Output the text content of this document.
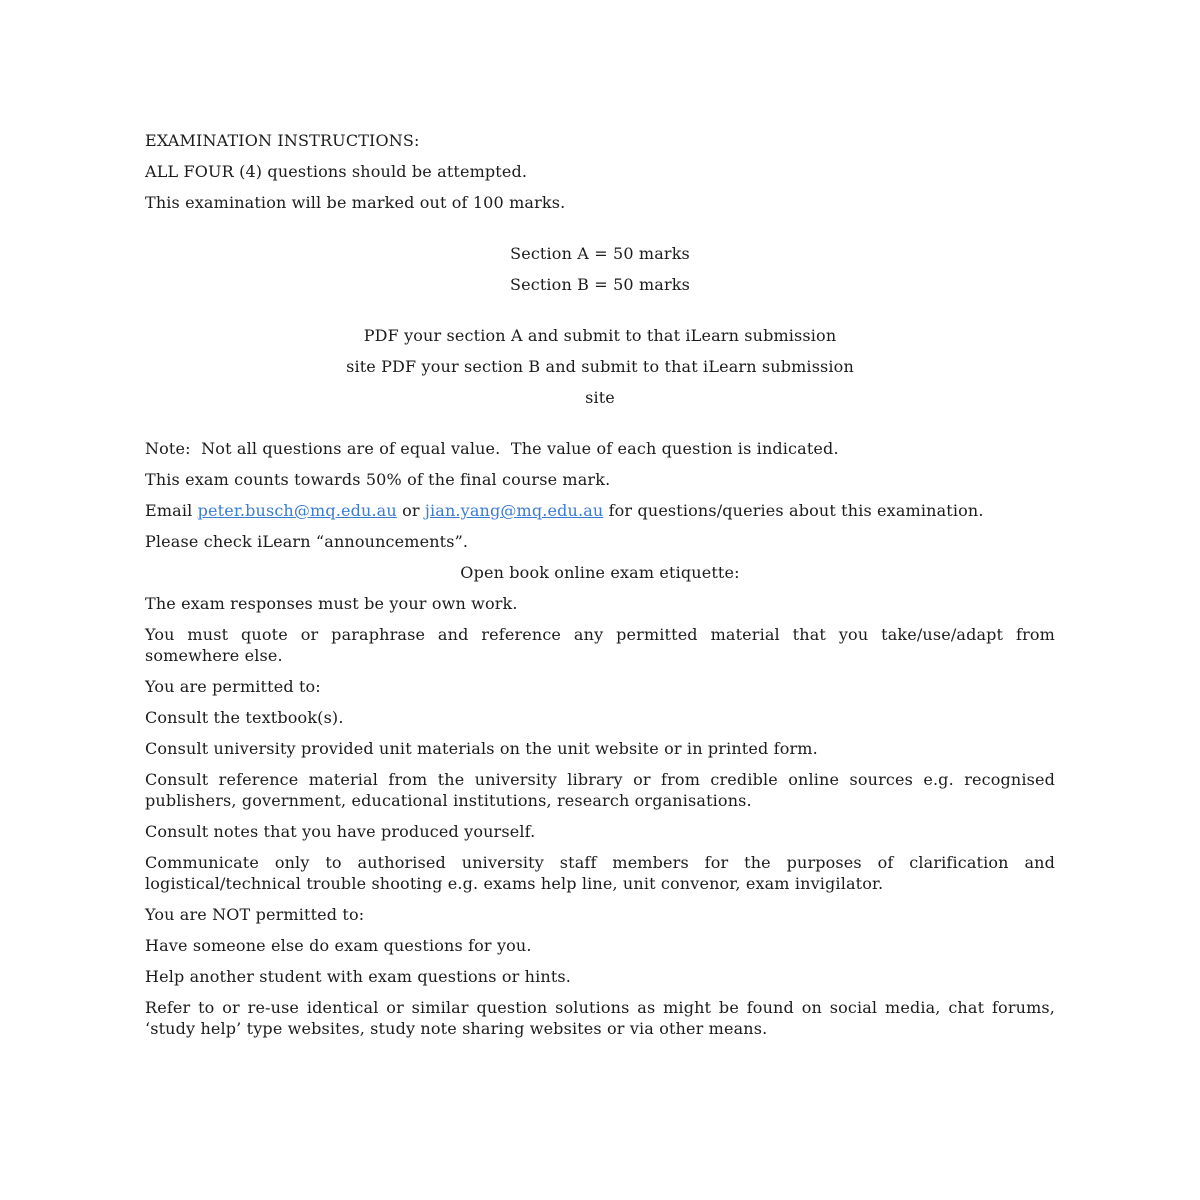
EXAMINATION INSTRUCTIONS:

ALL FOUR (4) questions should be attempted.

This examination will be marked out of 100 marks.

Section A = 50 marks

Section B = 50 marks

PDF your section A and submit to that iLearn submission

site PDF your section B and submit to that iLearn submission

site

Note:  Not all questions are of equal value.  The value of each question is indicated.

This exam counts towards 50% of the final course mark.

Email peter.busch@mq.edu.au or jian.yang@mq.edu.au for questions/queries about this examination.

Please check iLearn “announcements”.

Open book online exam etiquette:

The exam responses must be your own work.

You must quote or paraphrase and reference any permitted material that you take/use/adapt from somewhere else.

You are permitted to:

Consult the textbook(s).

Consult university provided unit materials on the unit website or in printed form.

Consult reference material from the university library or from credible online sources e.g. recognised publishers, government, educational institutions, research organisations.

Consult notes that you have produced yourself.

Communicate only to authorised university staff members for the purposes of clarification and logistical/technical trouble shooting e.g. exams help line, unit convenor, exam invigilator.

You are NOT permitted to:

Have someone else do exam questions for you.

Help another student with exam questions or hints.

Refer to or re-use identical or similar question solutions as might be found on social media, chat forums, ‘study help’ type websites, study note sharing websites or via other means.
